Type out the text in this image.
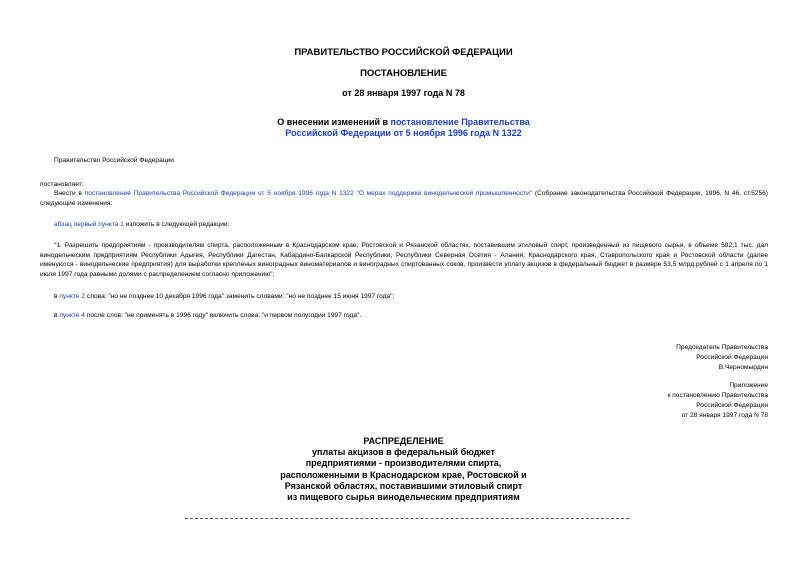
ПРАВИТЕЛЬСТВО РОССИЙСКОЙ ФЕДЕРАЦИИ
ПОСТАНОВЛЕНИЕ
от 28 января 1997 года N 78
О внесении изменений в постановление Правительства
Российской Федерации от 5 ноября 1996 года N 1322
Правительство Российской Федерации
постановляет:
Внести в постановление Правительства Российской Федерации от 5 ноября 1996 года N 1322 "О мерах поддержки винодельческой промышленности" (Собрание законодательства Российской Федерации, 1996, N 46, ст.5256) следующие изменения:
абзац первый пункта 1 изложить в следующей редакции:
"1. Разрешить предприятиям - производителям спирта, расположенным в Краснодарском крае, Ростовской и Рязанской областях, поставившим этиловый спирт, произведенный из пищевого сырья, в объеме 582,1 тыс. дал винодельческим предприятиям Республики Адыгея, Республики Дагестан, Кабардино-Балкарской Республики, Республики Северная Осетия - Алания, Краснодарского края, Ставропольского края и Ростовской области (далее именуются - винодельческие предприятия) для выработки крепленых виноградных виноматериалов и виноградных спиртованных соков, произвести уплату акцизов в федеральный бюджет в размере 53,5 млрд.рублей с 1 апреля по 1 июля 1997 года равными долями с распределением согласно приложению";
в пункте 2 слова: "но не позднее 10 декабря 1996 года" заменить словами: "но не позднее 15 июня 1997 года";
в пункте 4 после слов: "не применять в 1996 году" включить слова: "и первом полугодии 1997 года".
Председатель Правительства
Российской Федерации
В.Черномырдин
Приложение
к постановлению Правительства
Российской Федерации
от 28 января 1997 года N 78
РАСПРЕДЕЛЕНИЕ
уплаты акцизов в федеральный бюджет
предприятиями - производителями спирта,
расположенными в Краснодарском крае, Ростовской и
Рязанской областях, поставившими этиловый спирт
из пищевого сырья винодельческим предприятиям
